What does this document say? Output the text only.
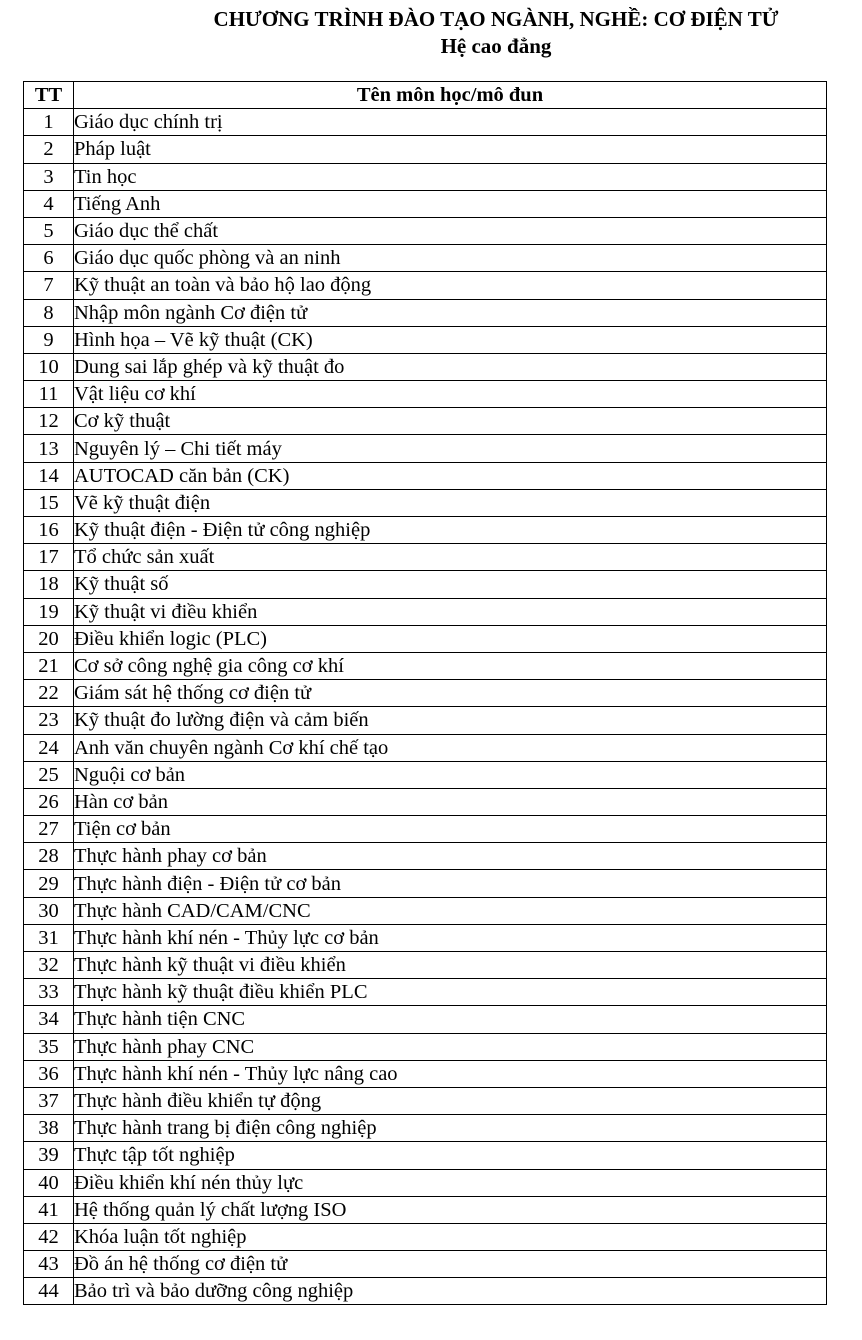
CHƯƠNG TRÌNH ĐÀO TẠO NGÀNH, NGHỀ: CƠ ĐIỆN TỬ
Hệ cao đẳng
TT	Tên môn học/mô đun
1	Giáo dục chính trị
2	Pháp luật
3	Tin học
4	Tiếng Anh
5	Giáo dục thể chất
6	Giáo dục quốc phòng và an ninh
7	Kỹ thuật an toàn và bảo hộ lao động
8	Nhập môn ngành Cơ điện tử
9	Hình họa – Vẽ kỹ thuật (CK)
10	Dung sai lắp ghép và kỹ thuật đo
11	Vật liệu cơ khí
12	Cơ kỹ thuật
13	Nguyên lý – Chi tiết máy
14	AUTOCAD căn bản (CK)
15	Vẽ kỹ thuật điện
16	Kỹ thuật điện - Điện tử công nghiệp
17	Tổ chức sản xuất
18	Kỹ thuật số
19	Kỹ thuật vi điều khiển
20	Điều khiển logic (PLC)
21	Cơ sở công nghệ gia công cơ khí
22	Giám sát hệ thống cơ điện tử
23	Kỹ thuật đo lường điện và cảm biến
24	Anh văn chuyên ngành Cơ khí chế tạo
25	Nguội cơ bản
26	Hàn cơ bản
27	Tiện cơ bản
28	Thực hành phay cơ bản
29	Thực hành điện - Điện tử cơ bản
30	Thực hành CAD/CAM/CNC
31	Thực hành khí nén - Thủy lực cơ bản
32	Thực hành kỹ thuật vi điều khiển
33	Thực hành kỹ thuật điều khiển PLC
34	Thực hành tiện CNC
35	Thực hành phay CNC
36	Thực hành khí nén - Thủy lực nâng cao
37	Thực hành điều khiển tự động
38	Thực hành trang bị điện công nghiệp
39	Thực tập tốt nghiệp
40	Điều khiển khí nén thủy lực
41	Hệ thống quản lý chất lượng ISO
42	Khóa luận tốt nghiệp
43	Đồ án hệ thống cơ điện tử
44	Bảo trì và bảo dưỡng công nghiệp
